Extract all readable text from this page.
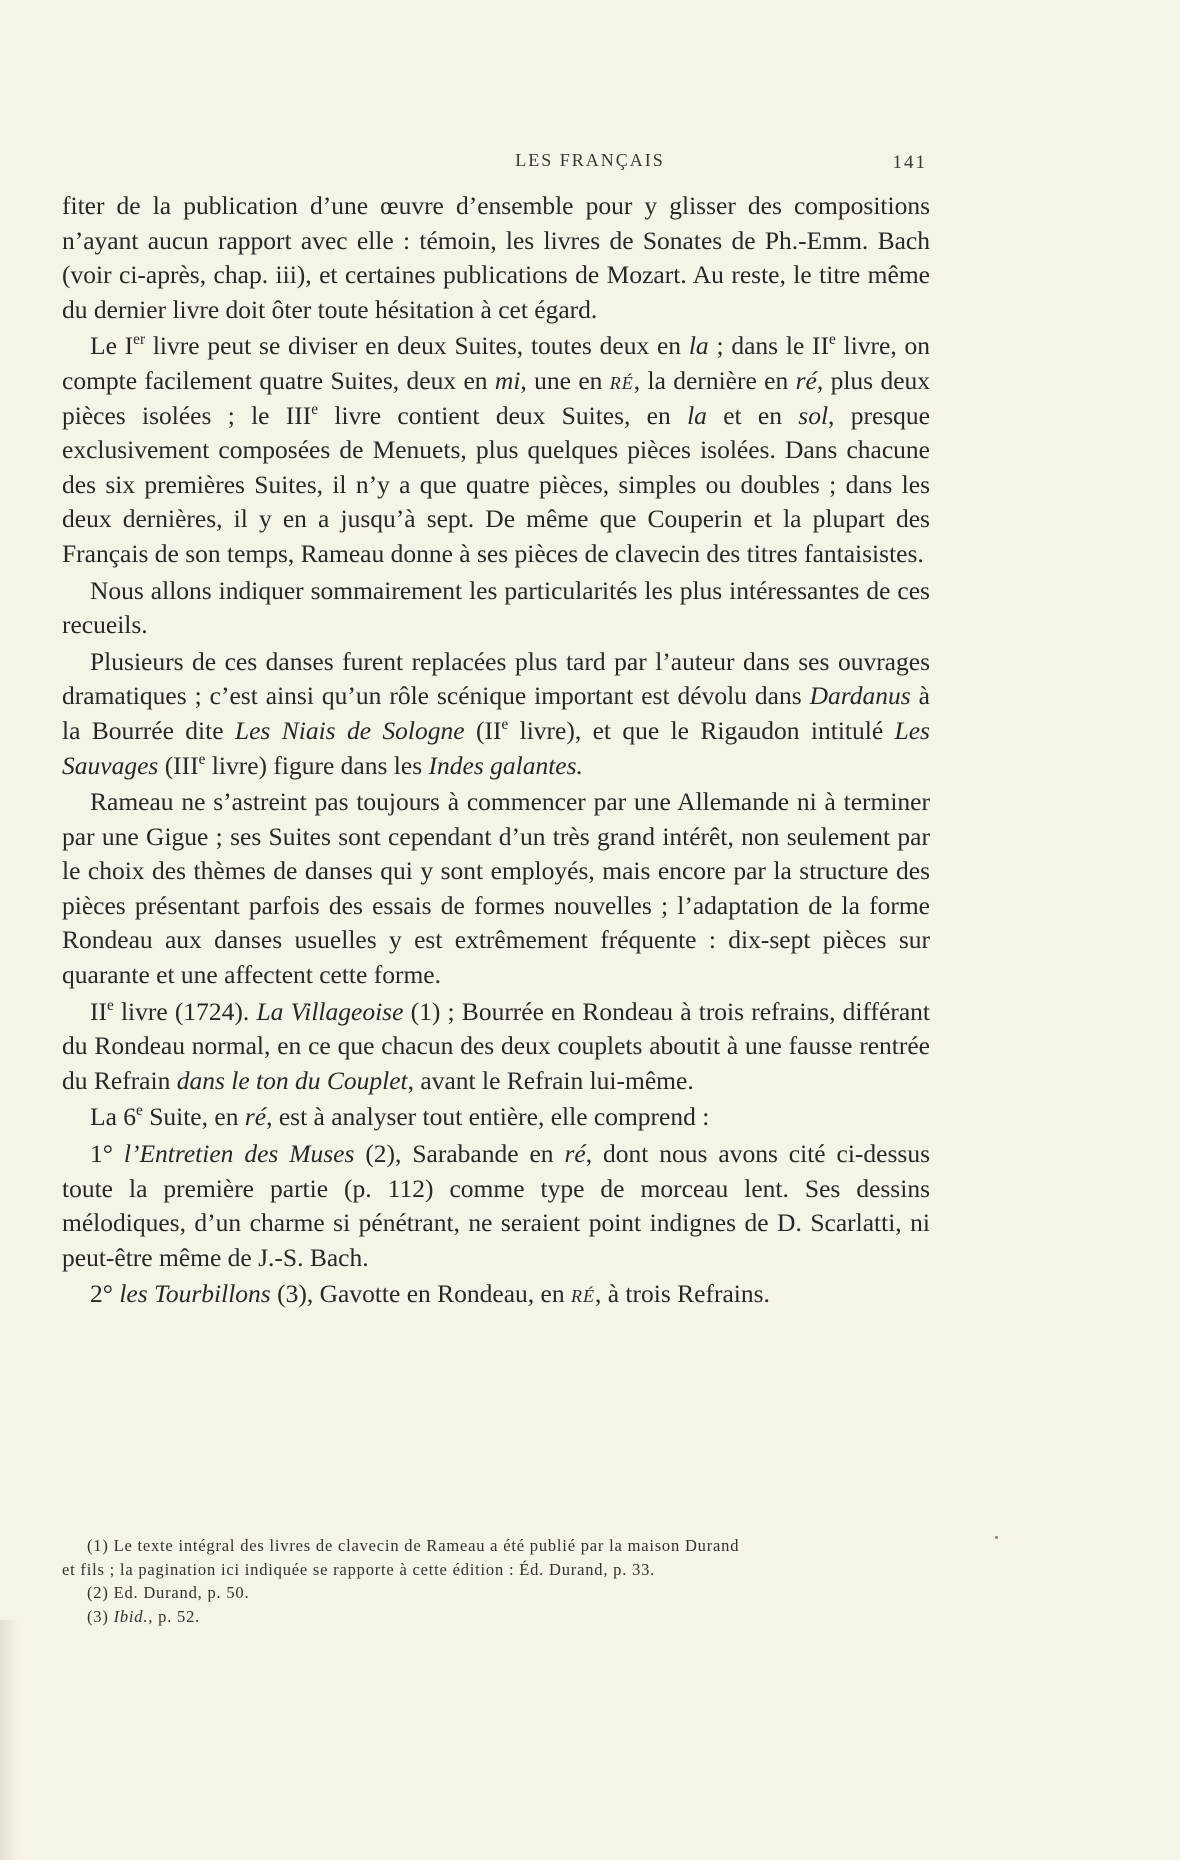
LES FRANÇAIS	141

fiter de la publication d’une œuvre d’ensemble pour y glisser des compositions n’ayant aucun rapport avec elle : témoin, les livres de Sonates de Ph.-Emm. Bach (voir ci-après, chap. iii), et certaines publications de Mozart. Au reste, le titre même du dernier livre doit ôter toute hésitation à cet égard.

Le Ier livre peut se diviser en deux Suites, toutes deux en la ; dans le IIe livre, on compte facilement quatre Suites, deux en mi, une en ré, la dernière en ré, plus deux pièces isolées ; le IIIe livre contient deux Suites, en la et en sol, presque exclusivement composées de Menuets, plus quelques pièces isolées. Dans chacune des six premières Suites, il n’y a que quatre pièces, simples ou doubles ; dans les deux dernières, il y en a jusqu’à sept. De même que Couperin et la plupart des Français de son temps, Rameau donne à ses pièces de clavecin des titres fantaisistes.

Nous allons indiquer sommairement les particularités les plus intéressantes de ces recueils.

Plusieurs de ces danses furent replacées plus tard par l’auteur dans ses ouvrages dramatiques ; c’est ainsi qu’un rôle scénique important est dévolu dans Dardanus à la Bourrée dite Les Niais de Sologne (IIe livre), et que le Rigaudon intitulé Les Sauvages (IIIe livre) figure dans les Indes galantes.

Rameau ne s’astreint pas toujours à commencer par une Allemande ni à terminer par une Gigue ; ses Suites sont cependant d’un très grand intérêt, non seulement par le choix des thèmes de danses qui y sont employés, mais encore par la structure des pièces présentant parfois des essais de formes nouvelles ; l’adaptation de la forme Rondeau aux danses usuelles y est extrêmement fréquente : dix-sept pièces sur quarante et une affectent cette forme.

IIe livre (1724). La Villageoise (1) ; Bourrée en Rondeau à trois refrains, différant du Rondeau normal, en ce que chacun des deux couplets aboutit à une fausse rentrée du Refrain dans le ton du Couplet, avant le Refrain lui-même.

La 6e Suite, en ré, est à analyser tout entière, elle comprend :

1° l’Entretien des Muses (2), Sarabande en ré, dont nous avons cité ci-dessus toute la première partie (p. 112) comme type de morceau lent. Ses dessins mélodiques, d’un charme si pénétrant, ne seraient point indignes de D. Scarlatti, ni peut-être même de J.-S. Bach.

2° les Tourbillons (3), Gavotte en Rondeau, en ré, à trois Refrains.

(1) Le texte intégral des livres de clavecin de Rameau a été publié par la maison Durand

et fils ; la pagination ici indiquée se rapporte à cette édition : Éd. Durand, p. 33.

(2) Ed. Durand, p. 50.

(3) Ibid., p. 52.
